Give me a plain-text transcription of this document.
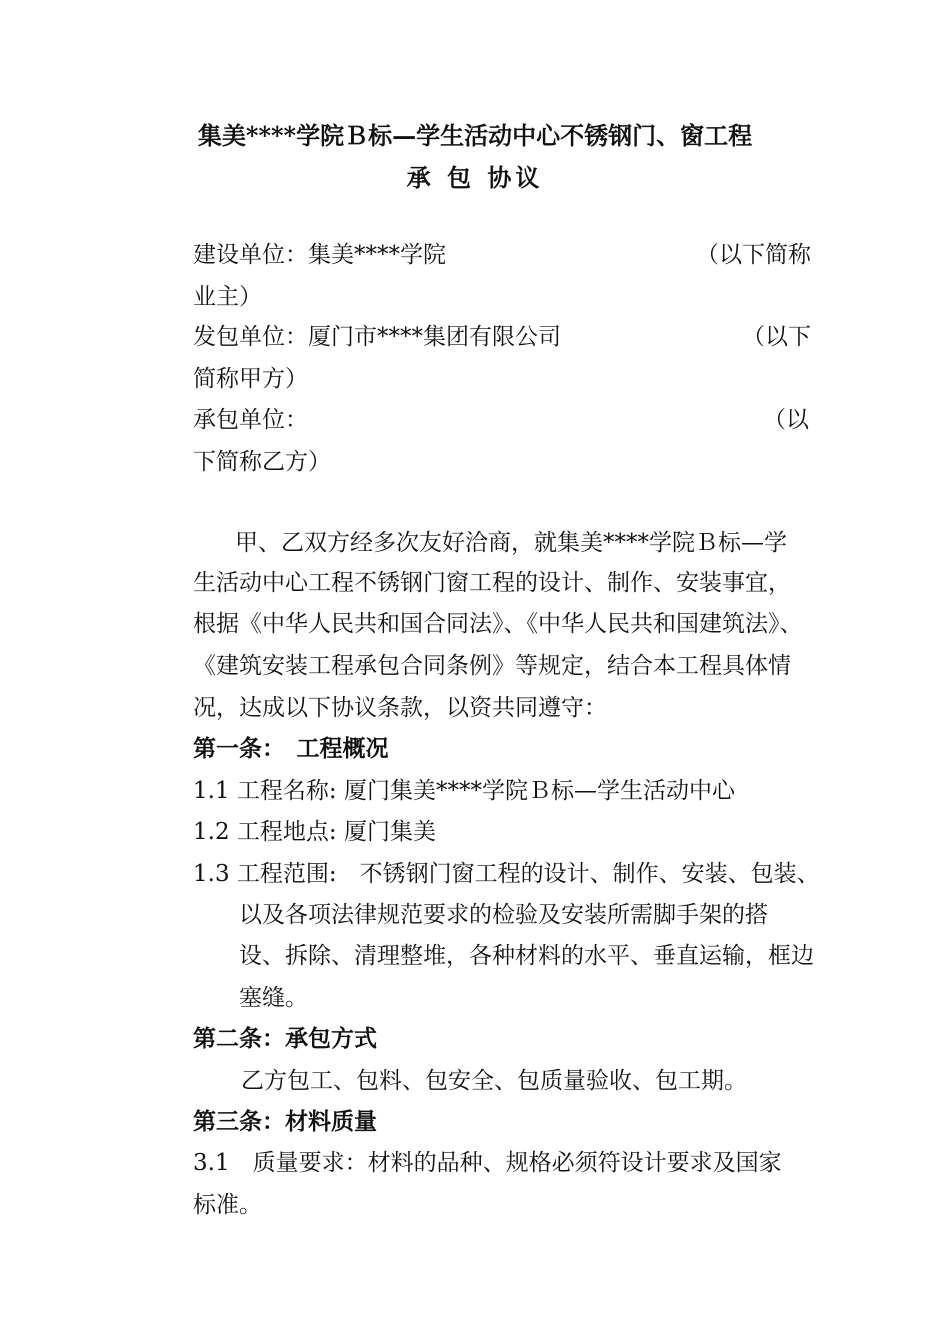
集美****学院Ｂ标—学生活动中心不锈钢门、窗工程
承 包 协议
建设单位：集美****学院	（以下简称
业主）
发包单位：厦门市****集团有限公司	（以下
简称甲方）
承包单位：	（以
下简称乙方）
甲、乙双方经多次友好洽商，就集美****学院Ｂ标—学
生活动中心工程不锈钢门窗工程的设计、制作、安装事宜，
根据《中华人民共和国合同法》、《中华人民共和国建筑法》、
《建筑安装工程承包合同条例》等规定，结合本工程具体情
况，达成以下协议条款，以资共同遵守：
第一条：　工程概况
1.1 工程名称: 厦门集美****学院Ｂ标—学生活动中心
1.2 工程地点: 厦门集美
1.3 工程范围:　不锈钢门窗工程的设计、制作、安装、包装、
以及各项法律规范要求的检验及安装所需脚手架的搭
设、拆除、清理整堆，各种材料的水平、垂直运输，框边
塞缝。
第二条：承包方式
乙方包工、包料、包安全、包质量验收、包工期。
第三条：材料质量
3.1　质量要求：材料的品种、规格必须符设计要求及国家
标准。
